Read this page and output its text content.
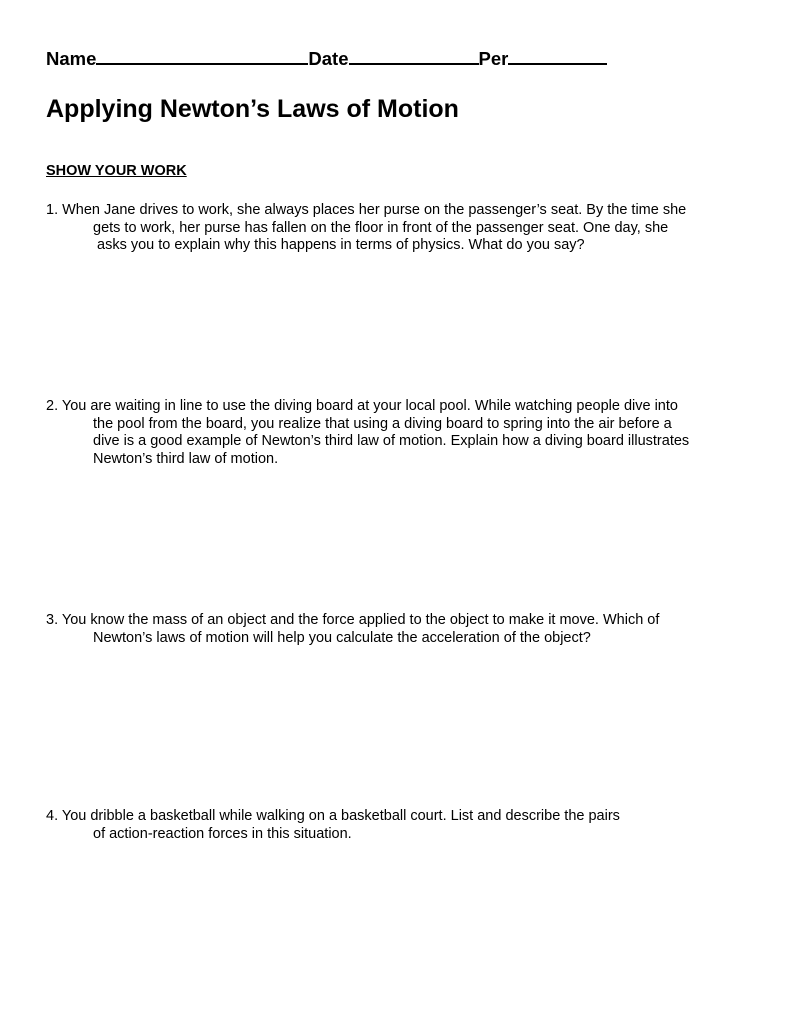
Name	Date	Per
Applying Newton’s Laws of Motion
SHOW YOUR WORK
1. When Jane drives to work, she always places her purse on the passenger’s seat. By the time she
gets to work, her purse has fallen on the floor in front of the passenger seat. One day, she
asks you to explain why this happens in terms of physics. What do you say?
2. You are waiting in line to use the diving board at your local pool. While watching people dive into
the pool from the board, you realize that using a diving board to spring into the air before a
dive is a good example of Newton’s third law of motion. Explain how a diving board illustrates
Newton’s third law of motion.
3. You know the mass of an object and the force applied to the object to make it move. Which of
Newton’s laws of motion will help you calculate the acceleration of the object?
4. You dribble a basketball while walking on a basketball court. List and describe the pairs
of action-reaction forces in this situation.
